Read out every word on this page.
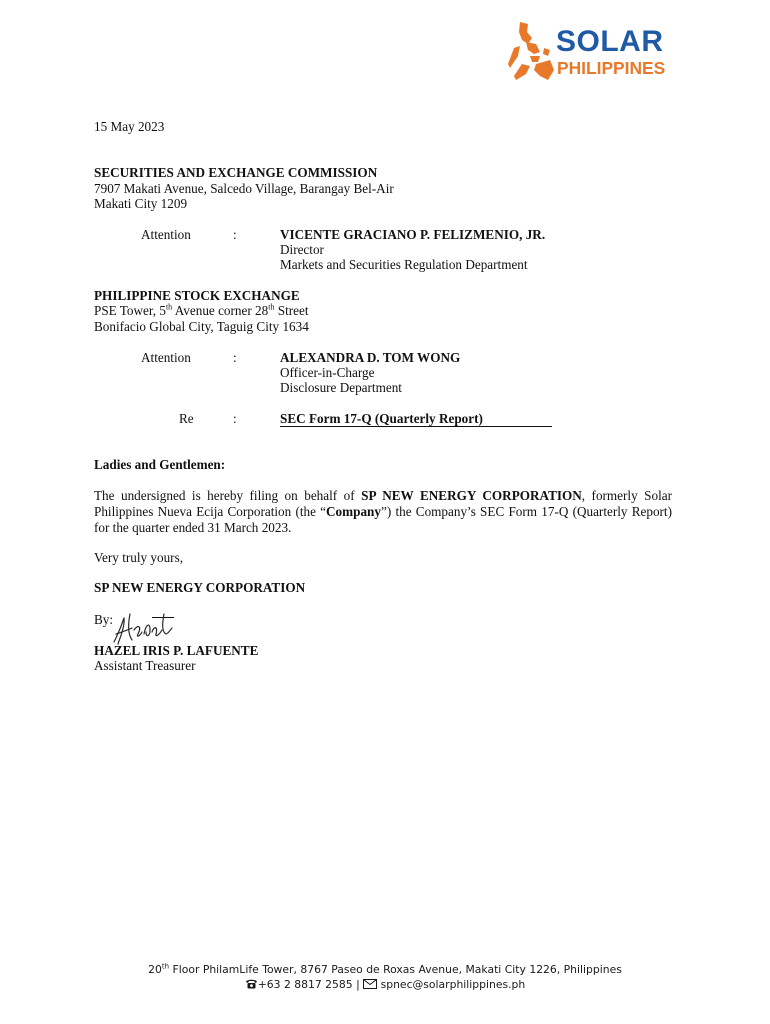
SOLAR
PHILIPPINES
15 May 2023
SECURITIES AND EXCHANGE COMMISSION
7907 Makati Avenue, Salcedo Village, Barangay Bel-Air
Makati City 1209
Attention	:	VICENTE GRACIANO P. FELIZMENIO, JR.
Director
Markets and Securities Regulation Department
PHILIPPINE STOCK EXCHANGE
PSE Tower, 5th Avenue corner 28th Street
Bonifacio Global City, Taguig City 1634
Attention	:	ALEXANDRA D. TOM WONG
Officer-in-Charge
Disclosure Department
Re	:	SEC Form 17-Q (Quarterly Report)
Ladies and Gentlemen:
The undersigned is hereby filing on behalf of SP NEW ENERGY CORPORATION, formerly Solar Philippines Nueva Ecija Corporation (the “Company”) the Company’s SEC Form 17-Q (Quarterly Report) for the quarter ended 31 March 2023.
Very truly yours,
SP NEW ENERGY CORPORATION
By:
HAZEL IRIS P. LAFUENTE
Assistant Treasurer
20th Floor PhilamLife Tower, 8767 Paseo de Roxas Avenue, Makati City 1226, Philippines
+63 2 8817 2585 | spnec@solarphilippines.ph
